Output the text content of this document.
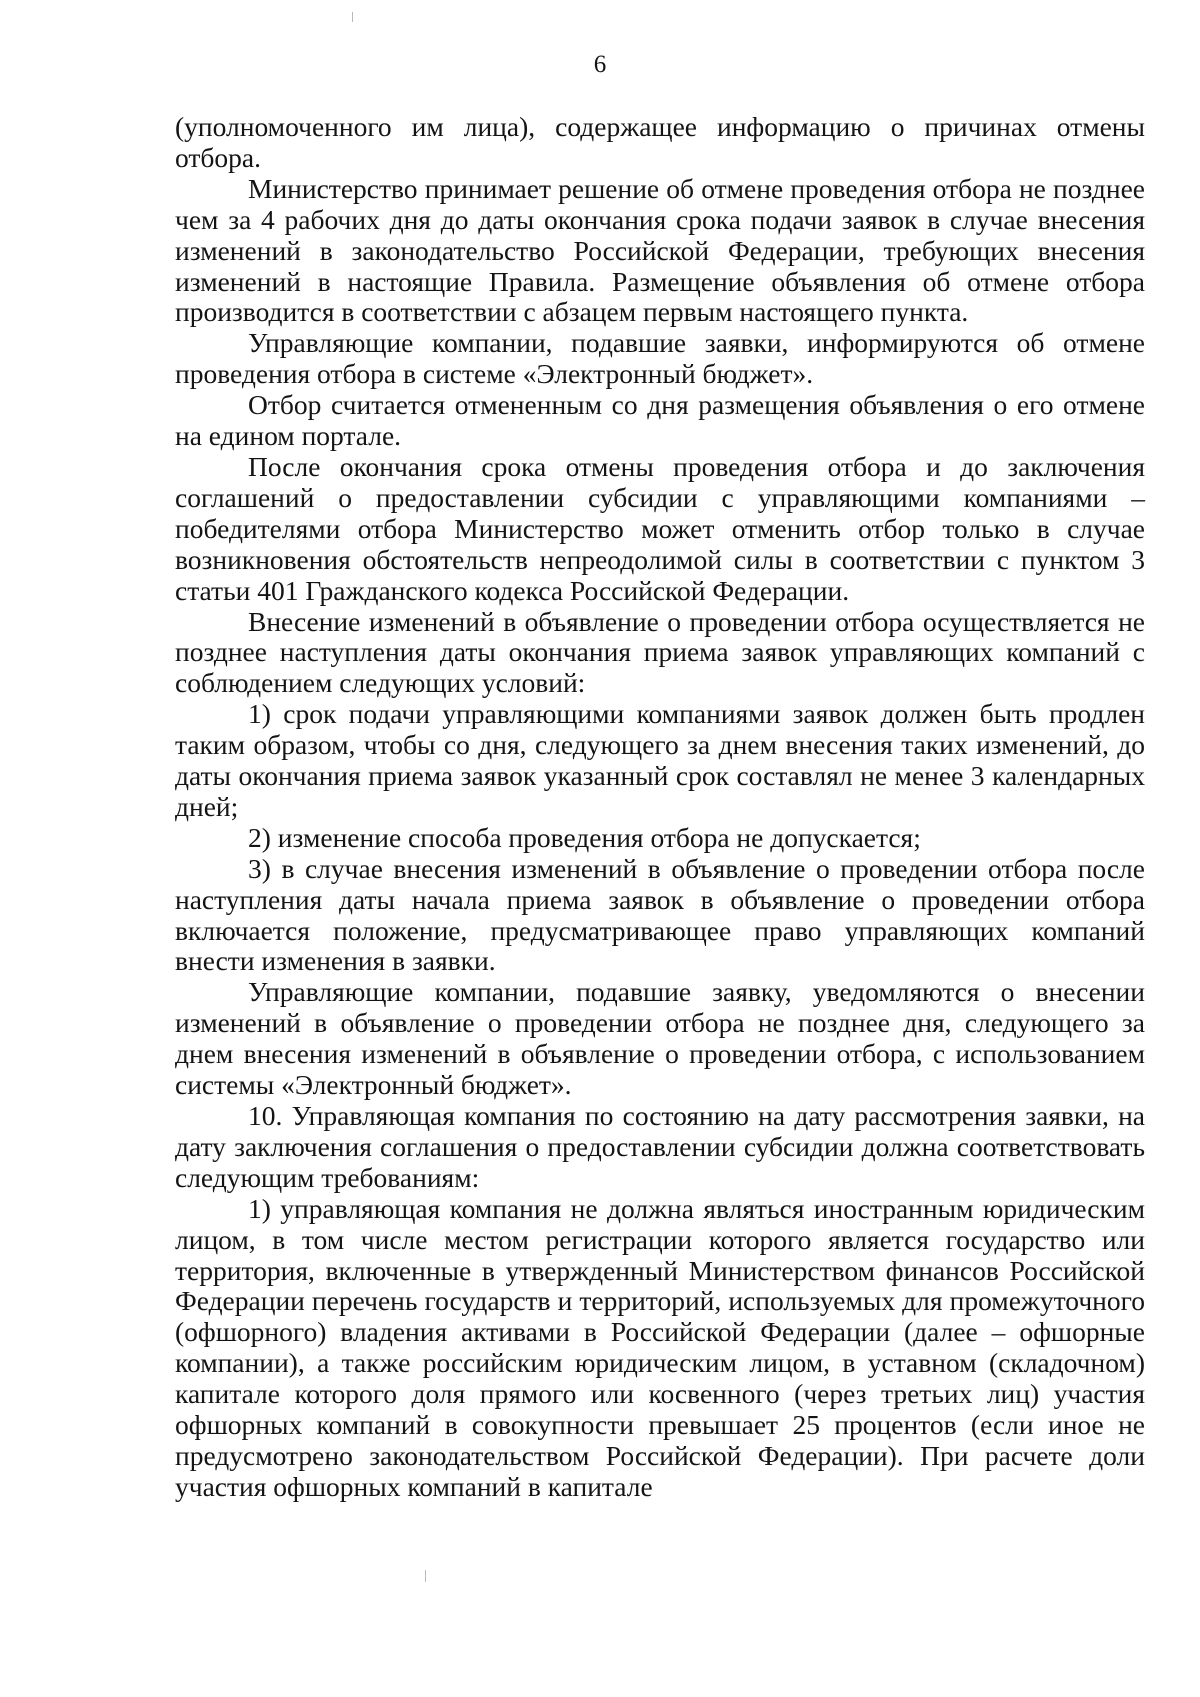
6

(уполномоченного им лица), содержащее информацию о причинах отмены отбора.

Министерство принимает решение об отмене проведения отбора не позднее чем за 4 рабочих дня до даты окончания срока подачи заявок в случае внесения изменений в законодательство Российской Федерации, требующих внесения изменений в настоящие Правила. Размещение объявления об отмене отбора производится в соответствии с абзацем первым настоящего пункта.

Управляющие компании, подавшие заявки, информируются об отмене проведения отбора в системе «Электронный бюджет».

Отбор считается отмененным со дня размещения объявления о его отмене на едином портале.

После окончания срока отмены проведения отбора и до заключения соглашений о предоставлении субсидии с управляющими компаниями – победителями отбора Министерство может отменить отбор только в случае возникновения обстоятельств непреодолимой силы в соответствии с пунктом 3 статьи 401 Гражданского кодекса Российской Федерации.

Внесение изменений в объявление о проведении отбора осуществляется не позднее наступления даты окончания приема заявок управляющих компаний с соблюдением следующих условий:

1) срок подачи управляющими компаниями заявок должен быть продлен таким образом, чтобы со дня, следующего за днем внесения таких изменений, до даты окончания приема заявок указанный срок составлял не менее 3 календарных дней;

2) изменение способа проведения отбора не допускается;

3) в случае внесения изменений в объявление о проведении отбора после наступления даты начала приема заявок в объявление о проведении отбора включается положение, предусматривающее право управляющих компаний внести изменения в заявки.

Управляющие компании, подавшие заявку, уведомляются о внесении изменений в объявление о проведении отбора не позднее дня, следующего за днем внесения изменений в объявление о проведении отбора, с использованием системы «Электронный бюджет».

10. Управляющая компания по состоянию на дату рассмотрения заявки, на дату заключения соглашения о предоставлении субсидии должна соответствовать следующим требованиям:

1) управляющая компания не должна являться иностранным юридическим лицом, в том числе местом регистрации которого является государство или территория, включенные в утвержденный Министерством финансов Российской Федерации перечень государств и территорий, используемых для промежуточного (офшорного) владения активами в Российской Федерации (далее – офшорные компании), а также российским юридическим лицом, в уставном (складочном) капитале которого доля прямого или косвенного (через третьих лиц) участия офшорных компаний в совокупности превышает 25 процентов (если иное не предусмотрено законодательством Российской Федерации). При расчете доли участия офшорных компаний в капитале
